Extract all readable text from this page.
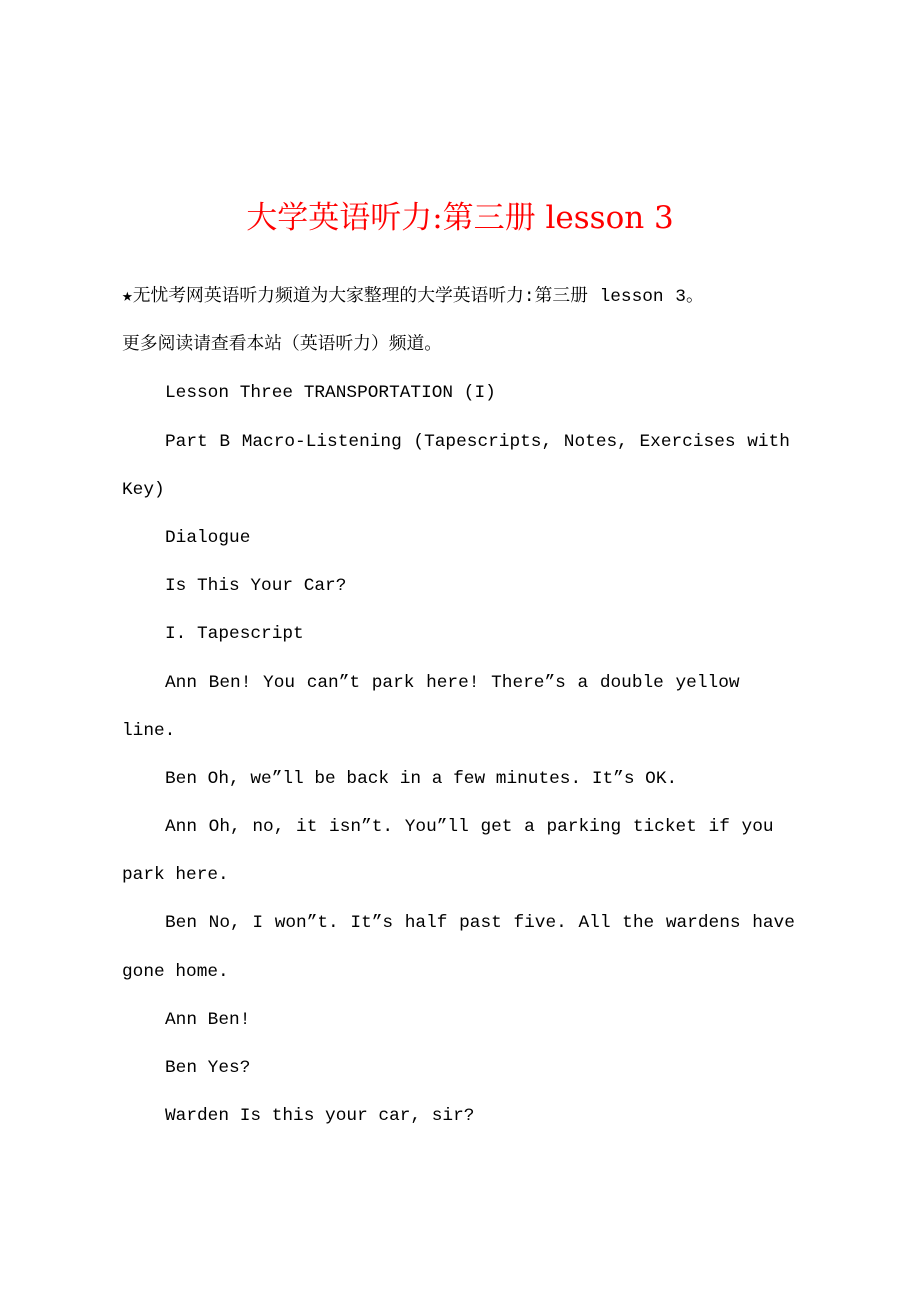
大学英语听力:第三册 lesson 3
★无忧考网英语听力频道为大家整理的大学英语听力:第三册 lesson 3。
更多阅读请查看本站（英语听力）频道。
Lesson Three TRANSPORTATION (I)
Part B Macro-Listening (Tapescripts, Notes, Exercises with
Key)
Dialogue
Is This Your Car?
I. Tapescript
Ann Ben! You can”t park here! There”s a double yellow
line.
Ben Oh, we”ll be back in a few minutes. It”s OK.
Ann Oh, no, it isn”t. You”ll get a parking ticket if you
park here.
Ben No, I won”t. It”s half past five. All the wardens have
gone home.
Ann Ben!
Ben Yes?
Warden Is this your car, sir?
